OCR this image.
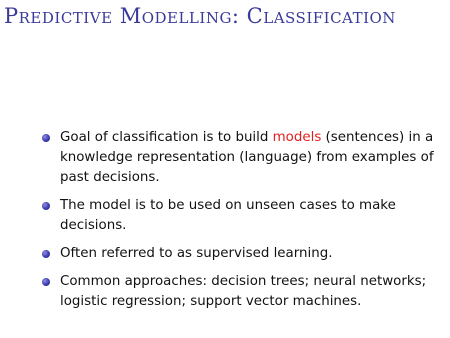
Predictive Modelling: Classification
Goal of classification is to build models (sentences) in a knowledge representation (language) from examples of past decisions.
The model is to be used on unseen cases to make decisions.
Often referred to as supervised learning.
Common approaches: decision trees; neural networks; logistic regression; support vector machines.
